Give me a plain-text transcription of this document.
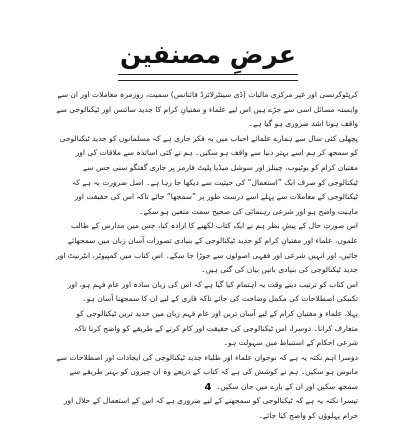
عرضِ مصنفین

کرپٹوکرنسی اور غیر مرکزی مالیات (ڈی سینٹرلائزڈ فائنانس) سمیت، روزمرہ معاملات اور ان سے وابستہ مسائل اسی سے جڑے ہیں اس لیے علماء و مفتیانِ کرام کا جدید سائنس اور ٹیکنالوجی سے واقف ہونا اشد ضروری ہو گیا ہے۔

پچھلی کئی سال سے ہمارے علمائے احباب میں یہ فکر جاری ہے کہ مسلمانوں کو جدید ٹیکنالوجی کو سمجھ کر ہم اسے بہتر دنیا سے واقف ہو سکیں۔ ہم نے کئی اساتذہ سے ملاقات کی اور مفتیان کرام کو یوٹیوب، چینلز اور سوشل میڈیا پلیٹ فارمز پر جاری گفتگو سنی جس سے ٹیکنالوجی کو صرف ایک ”استعمال“ کی حیثیت سے دیکھا جا رہا ہے۔ اصل ضرورت یہ ہے کہ ٹیکنالوجی کے معاملات سے پہلے اسے درست طور پر ”سمجھا“ جائے تاکہ اس کی حقیقت اور ماہیت واضح ہو اور شرعی رہنمائی کی صحیح سمت متعین ہو سکے۔

اس صورتِ حال کے پیشِ نظر ہم نے ایک کتاب لکھنے کا ارادہ کیا، جس میں مدارس کے طالب علموں، علماء اور مفتیانِ کرام کو جدید ٹیکنالوجی کے بنیادی تصورات آسان زبان میں سمجھائے جائیں، اور انہیں شرعی اور فقہی اصولوں سے جوڑا جا سکے۔ اس کتاب میں کمپیوٹر، انٹرنیٹ اور جدید ٹیکنالوجی کی بنیادی باتیں بیان کی گئی ہیں۔

اس کتاب کو ترتیب دیتے وقت یہ اہتمام کیا گیا ہے کہ اس کی زبان سادہ اور عام فہم ہو، اور تکنیکی اصطلاحات کی مکمل وضاحت کی جائے تاکہ قاری کے لیے ان کا سمجھنا آسان ہو۔

پہلا، علماء و مفتیانِ کرام کے لیے آسان ترین اور عام فہم زبان میں جدید ترین ٹیکنالوجی کو متعارف کرانا۔ دوسرا، اس ٹیکنالوجی کی حقیقت اور کام کرنے کے طریقے کو واضح کرنا تاکہ شرعی احکام کے استنباط میں سہولت ہو۔

دوسرا اہم نکتہ یہ ہے کہ نوجوان علماء اور طلباء جدید ٹیکنالوجی کی ایجادات اور اصطلاحات سے مانوس ہو سکیں۔ ہم نے کوشش کی ہے کہ کتاب کے ذریعے وہ ان چیزوں کو بہتر طریقے سے سمجھ سکیں اور ان کے بارے میں جان سکیں۔

تیسرا نکتہ یہ ہے کہ ٹیکنالوجی کو سمجھنے کے لیے ضروری ہے کہ اس کے استعمال کے حلال اور حرام پہلوؤں کو واضح کیا جائے۔

4
